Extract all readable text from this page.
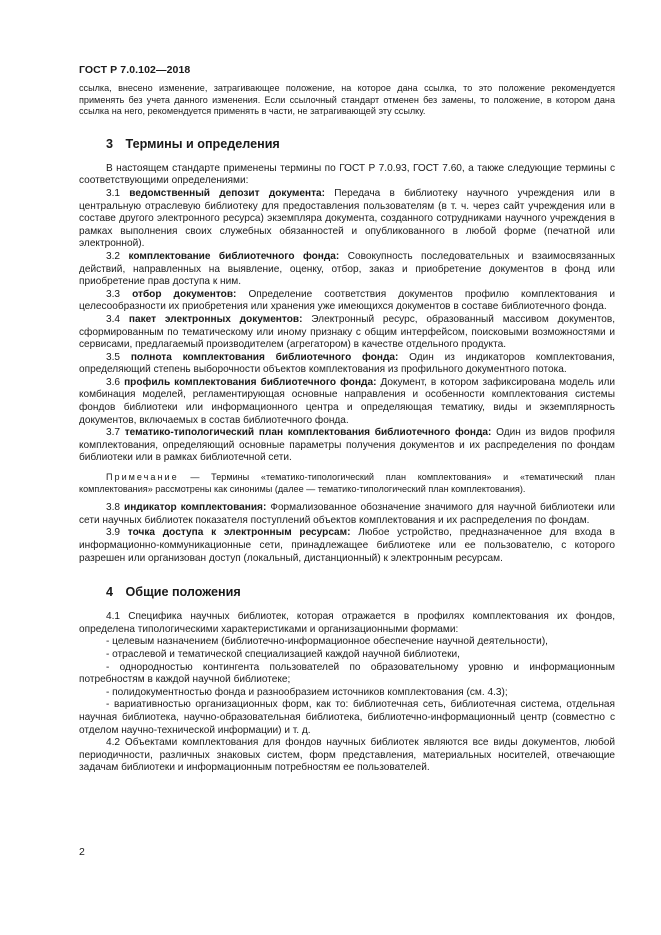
ГОСТ Р 7.0.102—2018

ссылка, внесено изменение, затрагивающее положение, на которое дана ссылка, то это положение рекомендуется применять без учета данного изменения. Если ссылочный стандарт отменен без замены, то положение, в котором дана ссылка на него, рекомендуется применять в части, не затрагивающей эту ссылку.

3 Термины и определения

В настоящем стандарте применены термины по ГОСТ Р 7.0.93, ГОСТ 7.60, а также следующие термины с соответствующими определениями:

3.1 ведомственный депозит документа: Передача в библиотеку научного учреждения или в центральную отраслевую библиотеку для предоставления пользователям (в т. ч. через сайт учреждения или в составе другого электронного ресурса) экземпляра документа, созданного сотрудниками научного учреждения в рамках выполнения своих служебных обязанностей и опубликованного в любой форме (печатной или электронной).

3.2 комплектование библиотечного фонда: Совокупность последовательных и взаимосвязанных действий, направленных на выявление, оценку, отбор, заказ и приобретение документов в фонд или приобретение прав доступа к ним.

3.3 отбор документов: Определение соответствия документов профилю комплектования и целесообразности их приобретения или хранения уже имеющихся документов в составе библиотечного фонда.

3.4 пакет электронных документов: Электронный ресурс, образованный массивом документов, сформированным по тематическому или иному признаку с общим интерфейсом, поисковыми возможностями и сервисами, предлагаемый производителем (агрегатором) в качестве отдельного продукта.

3.5 полнота комплектования библиотечного фонда: Один из индикаторов комплектования, определяющий степень выборочности объектов комплектования из профильного документного потока.

3.6 профиль комплектования библиотечного фонда: Документ, в котором зафиксирована модель или комбинация моделей, регламентирующая основные направления и особенности комплектования системы фондов библиотеки или информационного центра и определяющая тематику, виды и экземплярность документов, включаемых в состав библиотечного фонда.

3.7 тематико-типологический план комплектования библиотечного фонда: Один из видов профиля комплектования, определяющий основные параметры получения документов и их распределения по фондам библиотеки или в рамках библиотечной сети.

Примечание — Термины «тематико-типологический план комплектования» и «тематический план комплектования» рассмотрены как синонимы (далее — тематико-типологический план комплектования).

3.8 индикатор комплектования: Формализованное обозначение значимого для научной библиотеки или сети научных библиотек показателя поступлений объектов комплектования и их распределения по фондам.

3.9 точка доступа к электронным ресурсам: Любое устройство, предназначенное для входа в информационно-коммуникационные сети, принадлежащее библиотеке или ее пользователю, с которого разрешен или организован доступ (локальный, дистанционный) к электронным ресурсам.

4 Общие положения

4.1 Специфика научных библиотек, которая отражается в профилях комплектования их фондов, определена типологическими характеристиками и организационными формами:

- целевым назначением (библиотечно-информационное обеспечение научной деятельности),

- отраслевой и тематической специализацией каждой научной библиотеки,

- однородностью контингента пользователей по образовательному уровню и информационным потребностям в каждой научной библиотеке;

- полидокументностью фонда и разнообразием источников комплектования (см. 4.3);

- вариативностью организационных форм, как то: библиотечная сеть, библиотечная система, отдельная научная библиотека, научно-образовательная библиотека, библиотечно-информационный центр (совместно с отделом научно-технической информации) и т. д.

4.2 Объектами комплектования для фондов научных библиотек являются все виды документов, любой периодичности, различных знаковых систем, форм представления, материальных носителей, отвечающие задачам библиотеки и информационным потребностям ее пользователей.

2
